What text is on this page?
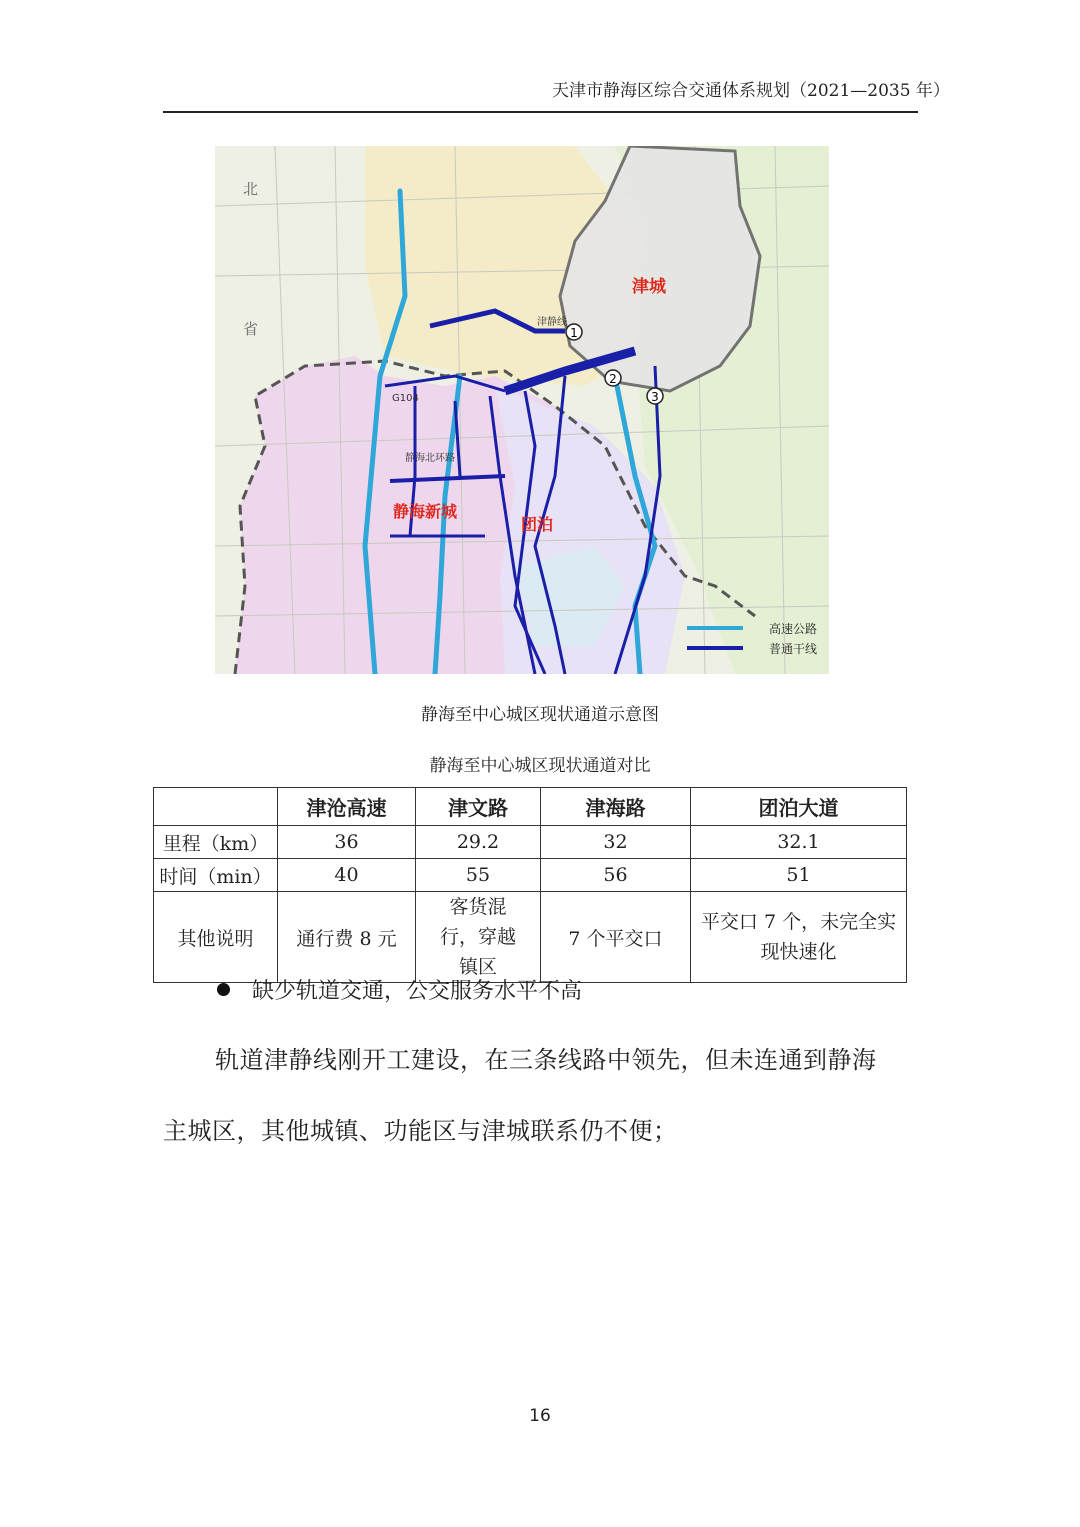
天津市静海区综合交通体系规划（2021—2035 年）
1
2
3
北
省
津城
静海新城
团泊
津静线
G104
静海北环路
高速公路
普通干线
静海至中心城区现状通道示意图
静海至中心城区现状通道对比
	津沧高速	津文路	津海路	团泊大道
里程（km）	36	29.2	32	32.1
时间（min）	40	55	56	51
其他说明	通行费 8 元	客货混行，穿越镇区	7 个平交口	平交口 7 个，未完全实现快速化
缺少轨道交通，公交服务水平不高
轨道津静线刚开工建设，在三条线路中领先，但未连通到静海
主城区，其他城镇、功能区与津城联系仍不便；
16
